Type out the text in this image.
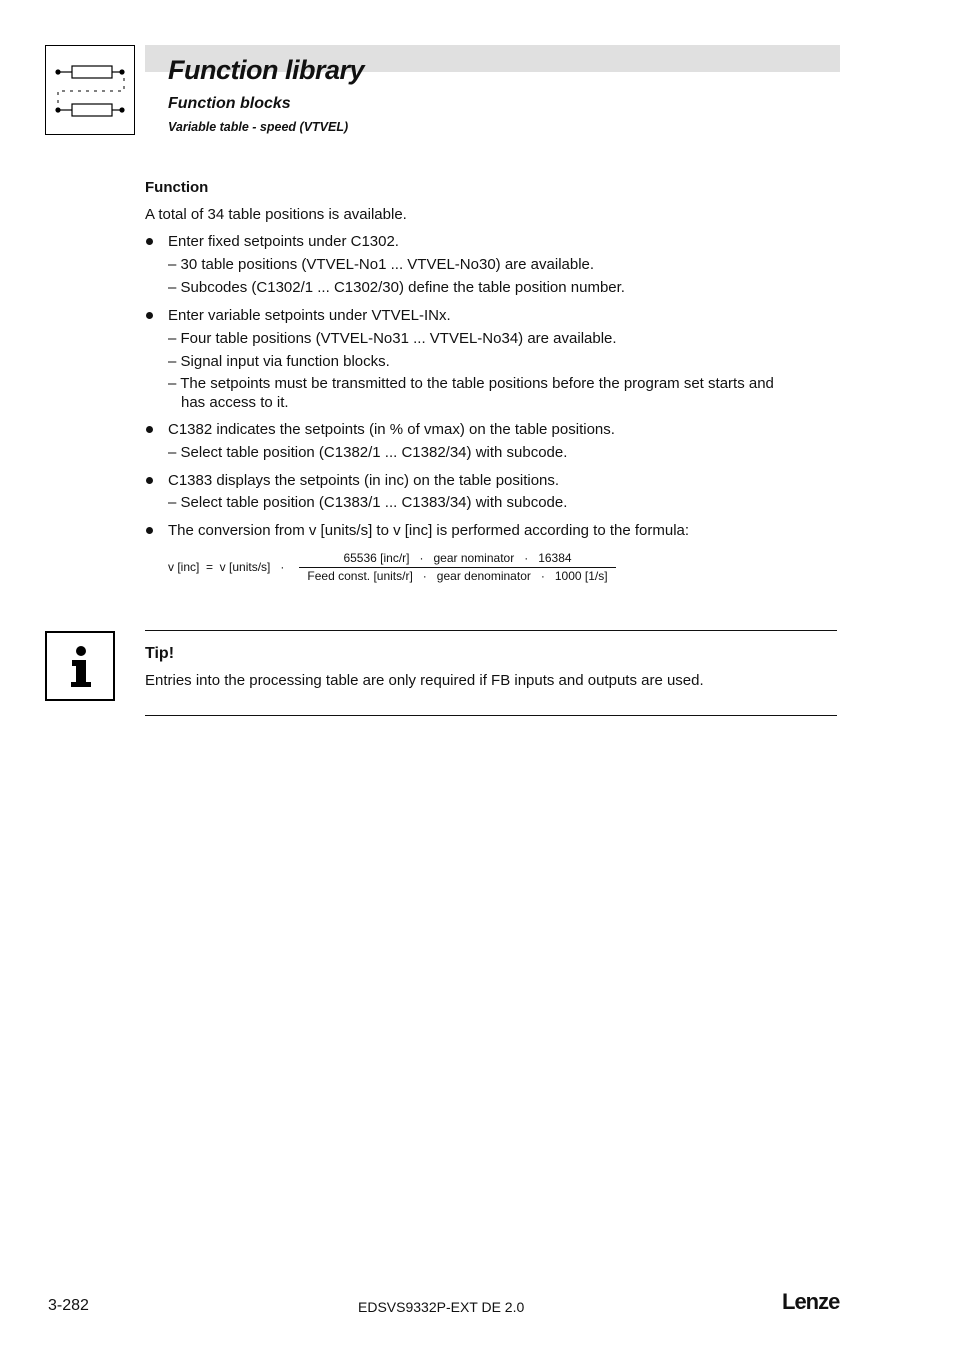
Function library
Function blocks
Variable table - speed (VTVEL)
Function
A total of 34 table positions is available.
Enter fixed setpoints under C1302.
– 30 table positions (VTVEL-No1 ... VTVEL-No30) are available.
– Subcodes (C1302/1 ... C1302/30) define the table position number.
Enter variable setpoints under VTVEL-INx.
– Four table positions (VTVEL-No31 ... VTVEL-No34) are available.
– Signal input via function blocks.
– The setpoints must be transmitted to the table positions before the program set starts and
has access to it.
C1382 indicates the setpoints (in % of vmax) on the table positions.
– Select table position (C1382/1 ... C1382/34) with subcode.
C1383 displays the setpoints (in inc) on the table positions.
– Select table position (C1383/1 ... C1383/34) with subcode.
The conversion from v [units/s] to v [inc] is performed according to the formula:
v [inc]  =  v [units/s]   ·
65536 [inc/r]   ·   gear nominator   ·   16384
Feed const. [units/r]   ·   gear denominator   ·   1000 [1/s]
Tip!
Entries into the processing table are only required if FB inputs and outputs are used.
3-282	EDSVS9332P-EXT DE 2.0	Lenze
